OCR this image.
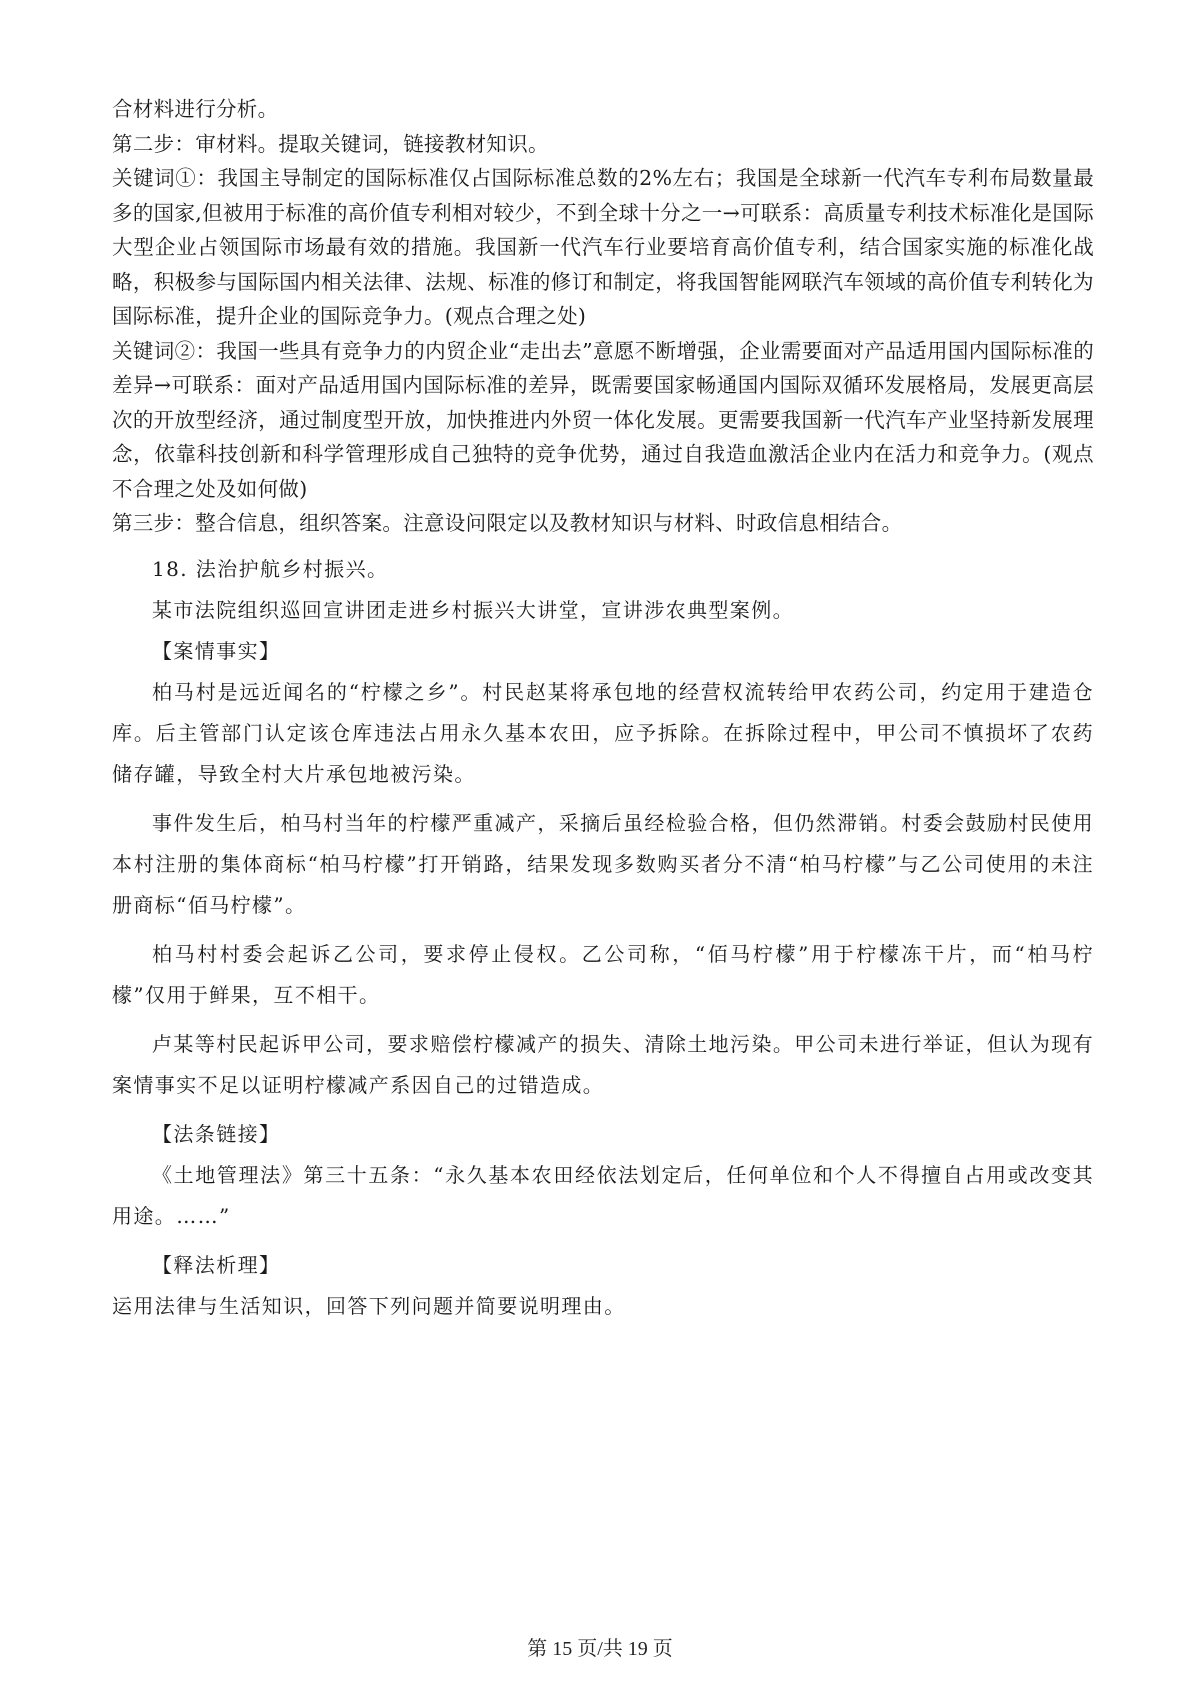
合材料进行分析。

第二步：审材料。提取关键词，链接教材知识。

关键词①：我国主导制定的国际标准仅占国际标准总数的2%左右；我国是全球新一代汽车专利布局数量最多的国家,但被用于标准的高价值专利相对较少，不到全球十分之一→可联系：高质量专利技术标准化是国际大型企业占领国际市场最有效的措施。我国新一代汽车行业要培育高价值专利，结合国家实施的标准化战略，积极参与国际国内相关法律、法规、标准的修订和制定，将我国智能网联汽车领域的高价值专利转化为国际标准，提升企业的国际竞争力。(观点合理之处)

关键词②：我国一些具有竞争力的内贸企业“走出去”意愿不断增强，企业需要面对产品适用国内国际标准的差异→可联系：面对产品适用国内国际标准的差异，既需要国家畅通国内国际双循环发展格局，发展更高层次的开放型经济，通过制度型开放，加快推进内外贸一体化发展。更需要我国新一代汽车产业坚持新发展理念，依靠科技创新和科学管理形成自己独特的竞争优势，通过自我造血激活企业内在活力和竞争力。(观点不合理之处及如何做)

第三步：整合信息，组织答案。注意设问限定以及教材知识与材料、时政信息相结合。

18. 法治护航乡村振兴。

某市法院组织巡回宣讲团走进乡村振兴大讲堂，宣讲涉农典型案例。

【案情事实】

柏马村是远近闻名的“柠檬之乡”。村民赵某将承包地的经营权流转给甲农药公司，约定用于建造仓库。后主管部门认定该仓库违法占用永久基本农田，应予拆除。在拆除过程中，甲公司不慎损坏了农药储存罐，导致全村大片承包地被污染。

事件发生后，柏马村当年的柠檬严重减产，采摘后虽经检验合格，但仍然滞销。村委会鼓励村民使用本村注册的集体商标“柏马柠檬”打开销路，结果发现多数购买者分不清“柏马柠檬”与乙公司使用的未注册商标“佰马柠檬”。

柏马村村委会起诉乙公司，要求停止侵权。乙公司称，“佰马柠檬”用于柠檬冻干片，而“柏马柠檬”仅用于鲜果，互不相干。

卢某等村民起诉甲公司，要求赔偿柠檬减产的损失、清除土地污染。甲公司未进行举证，但认为现有案情事实不足以证明柠檬减产系因自己的过错造成。

【法条链接】

《土地管理法》第三十五条：“永久基本农田经依法划定后，任何单位和个人不得擅自占用或改变其用途。……”

【释法析理】

运用法律与生活知识，回答下列问题并简要说明理由。

第 15 页/共 19 页
